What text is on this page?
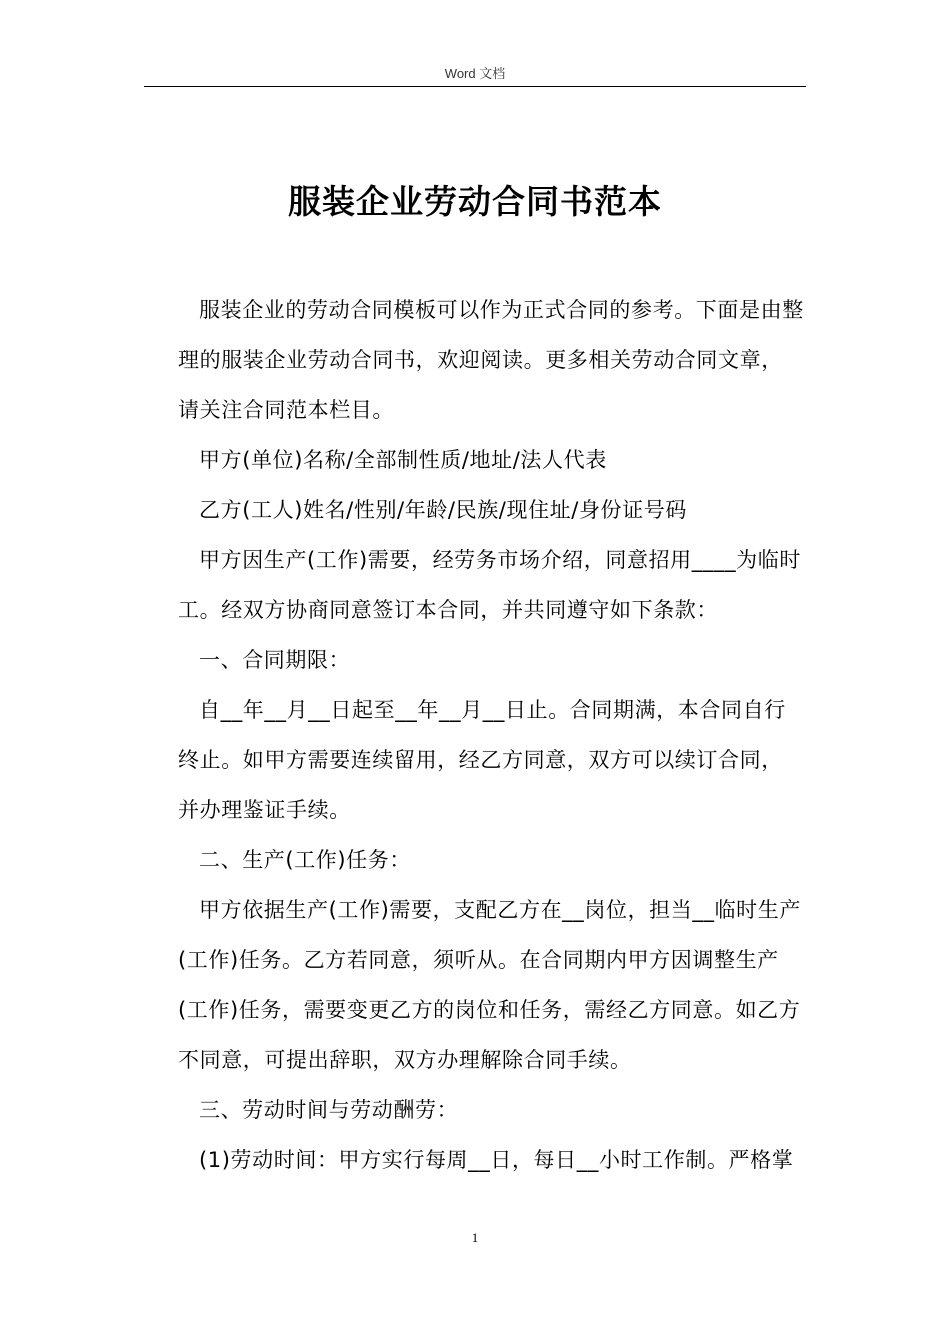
Word 文档
服装企业劳动合同书范本

服装企业的劳动合同模板可以作为正式合同的参考。下面是由整理的服装企业劳动合同书，欢迎阅读。更多相关劳动合同文章，请关注合同范本栏目。

甲方(单位)名称/全部制性质/地址/法人代表

乙方(工人)姓名/性别/年龄/民族/现住址/身份证号码

甲方因生产(工作)需要，经劳务市场介绍，同意招用____为临时工。经双方协商同意签订本合同，并共同遵守如下条款：

一、合同期限：

自__年__月__日起至__年__月__日止。合同期满，本合同自行终止。如甲方需要连续留用，经乙方同意，双方可以续订合同，并办理鉴证手续。

二、生产(工作)任务：

甲方依据生产(工作)需要，支配乙方在__岗位，担当__临时生产(工作)任务。乙方若同意，须听从。在合同期内甲方因调整生产(工作)任务，需要变更乙方的岗位和任务，需经乙方同意。如乙方不同意，可提出辞职，双方办理解除合同手续。

三、劳动时间与劳动酬劳：

(1)劳动时间：甲方实行每周__日，每日__小时工作制。严格掌

1
